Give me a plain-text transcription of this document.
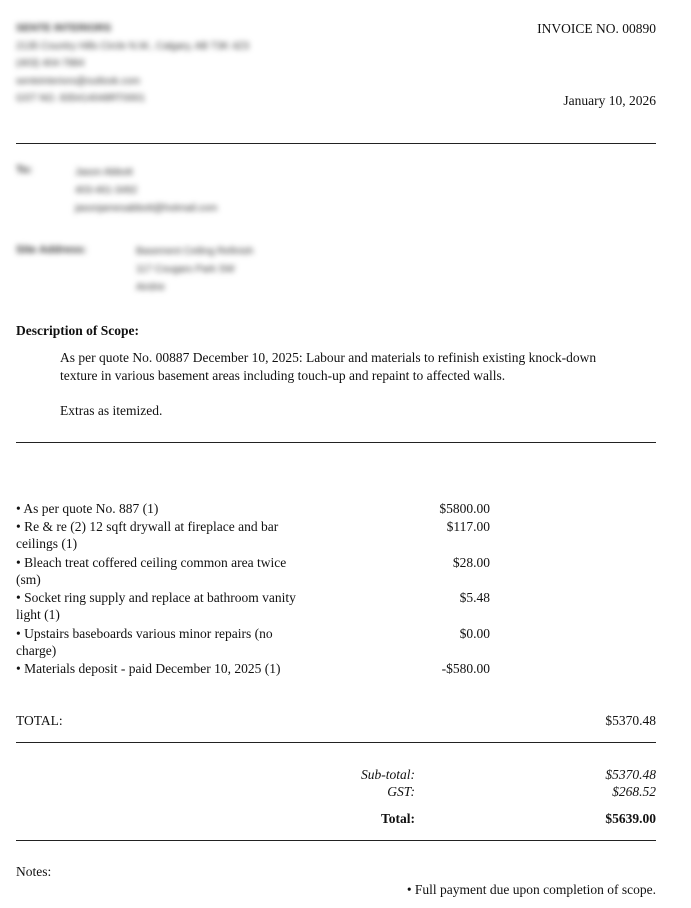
SENTE INTERIORS
2135 Country Hills Circle N.W., Calgary, AB T3K 4Z3
(403) 404-7884
senteinteriors@outlook.com
GST NO. 835414048RT0001
INVOICE NO. 00890
January 10, 2026
To:	Jason Abbott
403-461-3492
jasonjamesabbott@hotmail.com
Site Address:	Basement Ceiling Refinish
117 Cougars Park SW
Airdrie
Description of Scope:
As per quote No. 00887 December 10, 2025: Labour and materials to refinish existing knock-down texture in various basement areas including touch-up and repaint to affected walls.
Extras as itemized.
• As per quote No. 887 (1)	$5800.00
• Re & re (2) 12 sqft drywall at fireplace and bar ceilings (1)
$117.00
• Bleach treat coffered ceiling common area twice (sm)
$28.00
• Socket ring supply and replace at bathroom vanity light (1)
$5.48
• Upstairs baseboards various minor repairs (no charge)
$0.00
• Materials deposit - paid December 10, 2025 (1)	-$580.00
TOTAL:	$5370.48
Sub-total:	$5370.48
GST:	$268.52
Total:	$5639.00
Notes:
• Full payment due upon completion of scope.
